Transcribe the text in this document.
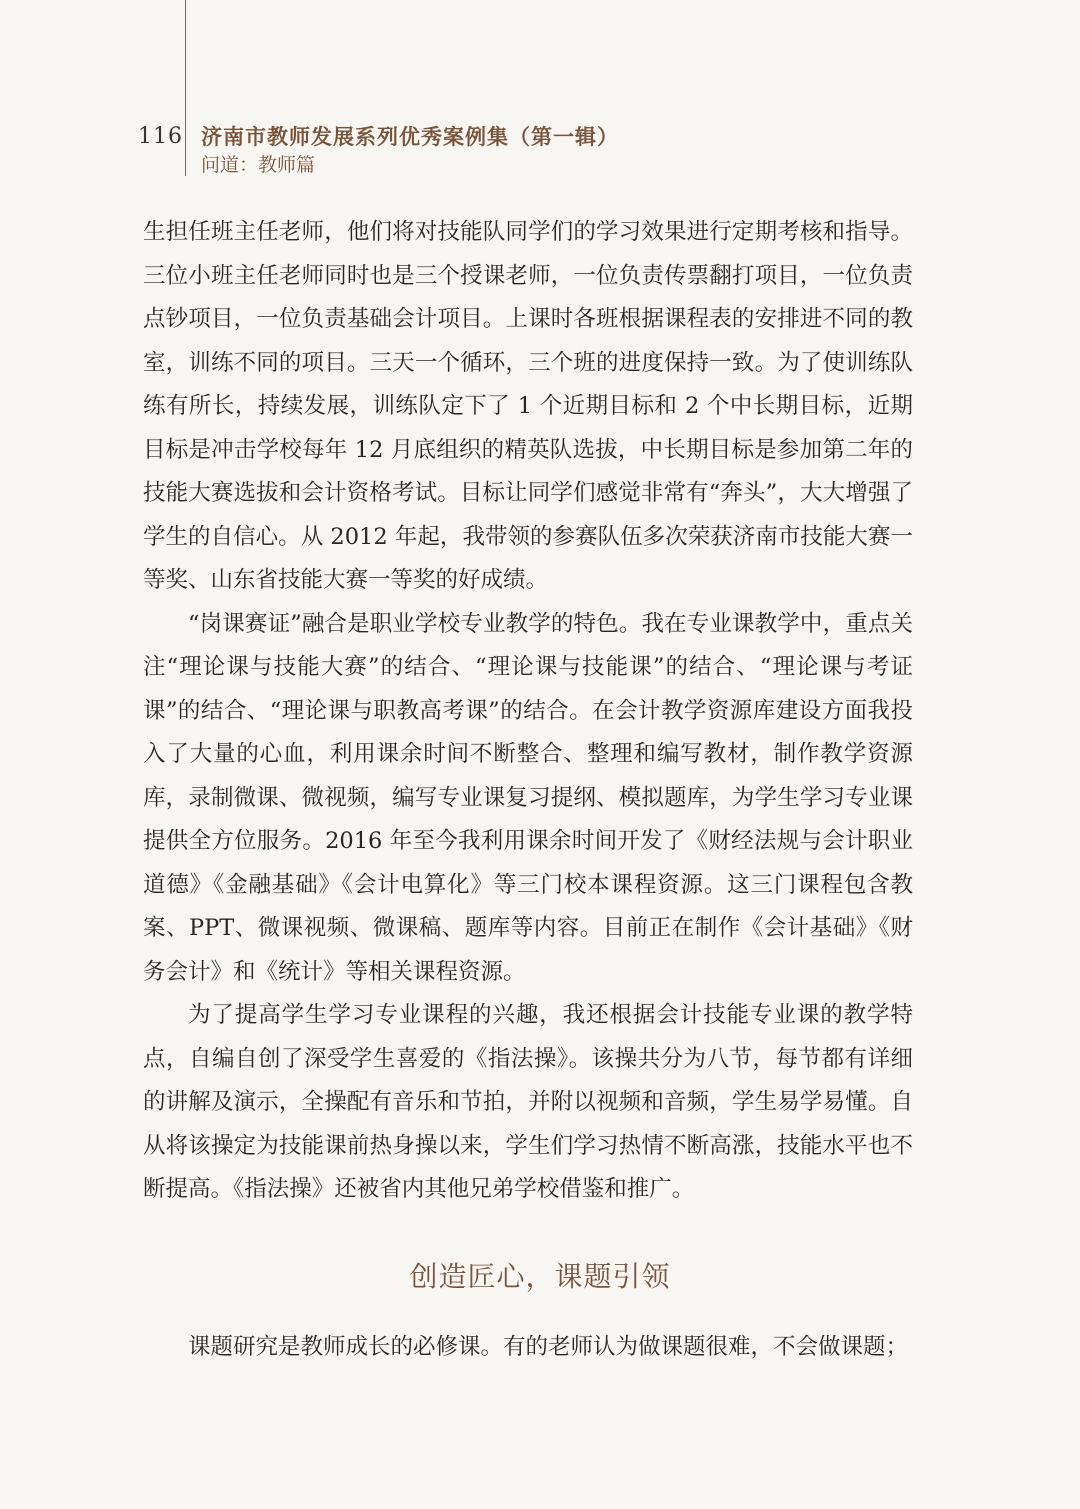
116 济南市教师发展系列优秀案例集（第一辑）
问道：教师篇

生担任班主任老师，他们将对技能队同学们的学习效果进行定期考核和指导。三位小班主任老师同时也是三个授课老师，一位负责传票翻打项目，一位负责点钞项目，一位负责基础会计项目。上课时各班根据课程表的安排进不同的教室，训练不同的项目。三天一个循环，三个班的进度保持一致。为了使训练队练有所长，持续发展，训练队定下了 1 个近期目标和 2 个中长期目标，近期目标是冲击学校每年 12 月底组织的精英队选拔，中长期目标是参加第二年的技能大赛选拔和会计资格考试。目标让同学们感觉非常有“奔头”，大大增强了学生的自信心。从 2012 年起，我带领的参赛队伍多次荣获济南市技能大赛一等奖、山东省技能大赛一等奖的好成绩。

“岗课赛证”融合是职业学校专业教学的特色。我在专业课教学中，重点关注“理论课与技能大赛”的结合、“理论课与技能课”的结合、“理论课与考证课”的结合、“理论课与职教高考课”的结合。在会计教学资源库建设方面我投入了大量的心血，利用课余时间不断整合、整理和编写教材，制作教学资源库，录制微课、微视频，编写专业课复习提纲、模拟题库，为学生学习专业课提供全方位服务。2016 年至今我利用课余时间开发了《财经法规与会计职业道德》《金融基础》《会计电算化》等三门校本课程资源。这三门课程包含教案、PPT、微课视频、微课稿、题库等内容。目前正在制作《会计基础》《财务会计》和《统计》等相关课程资源。

为了提高学生学习专业课程的兴趣，我还根据会计技能专业课的教学特点，自编自创了深受学生喜爱的《指法操》。该操共分为八节，每节都有详细的讲解及演示，全操配有音乐和节拍，并附以视频和音频，学生易学易懂。自从将该操定为技能课前热身操以来，学生们学习热情不断高涨，技能水平也不断提高。《指法操》还被省内其他兄弟学校借鉴和推广。

创造匠心，课题引领
课题研究是教师成长的必修课。有的老师认为做课题很难，不会做课题；
